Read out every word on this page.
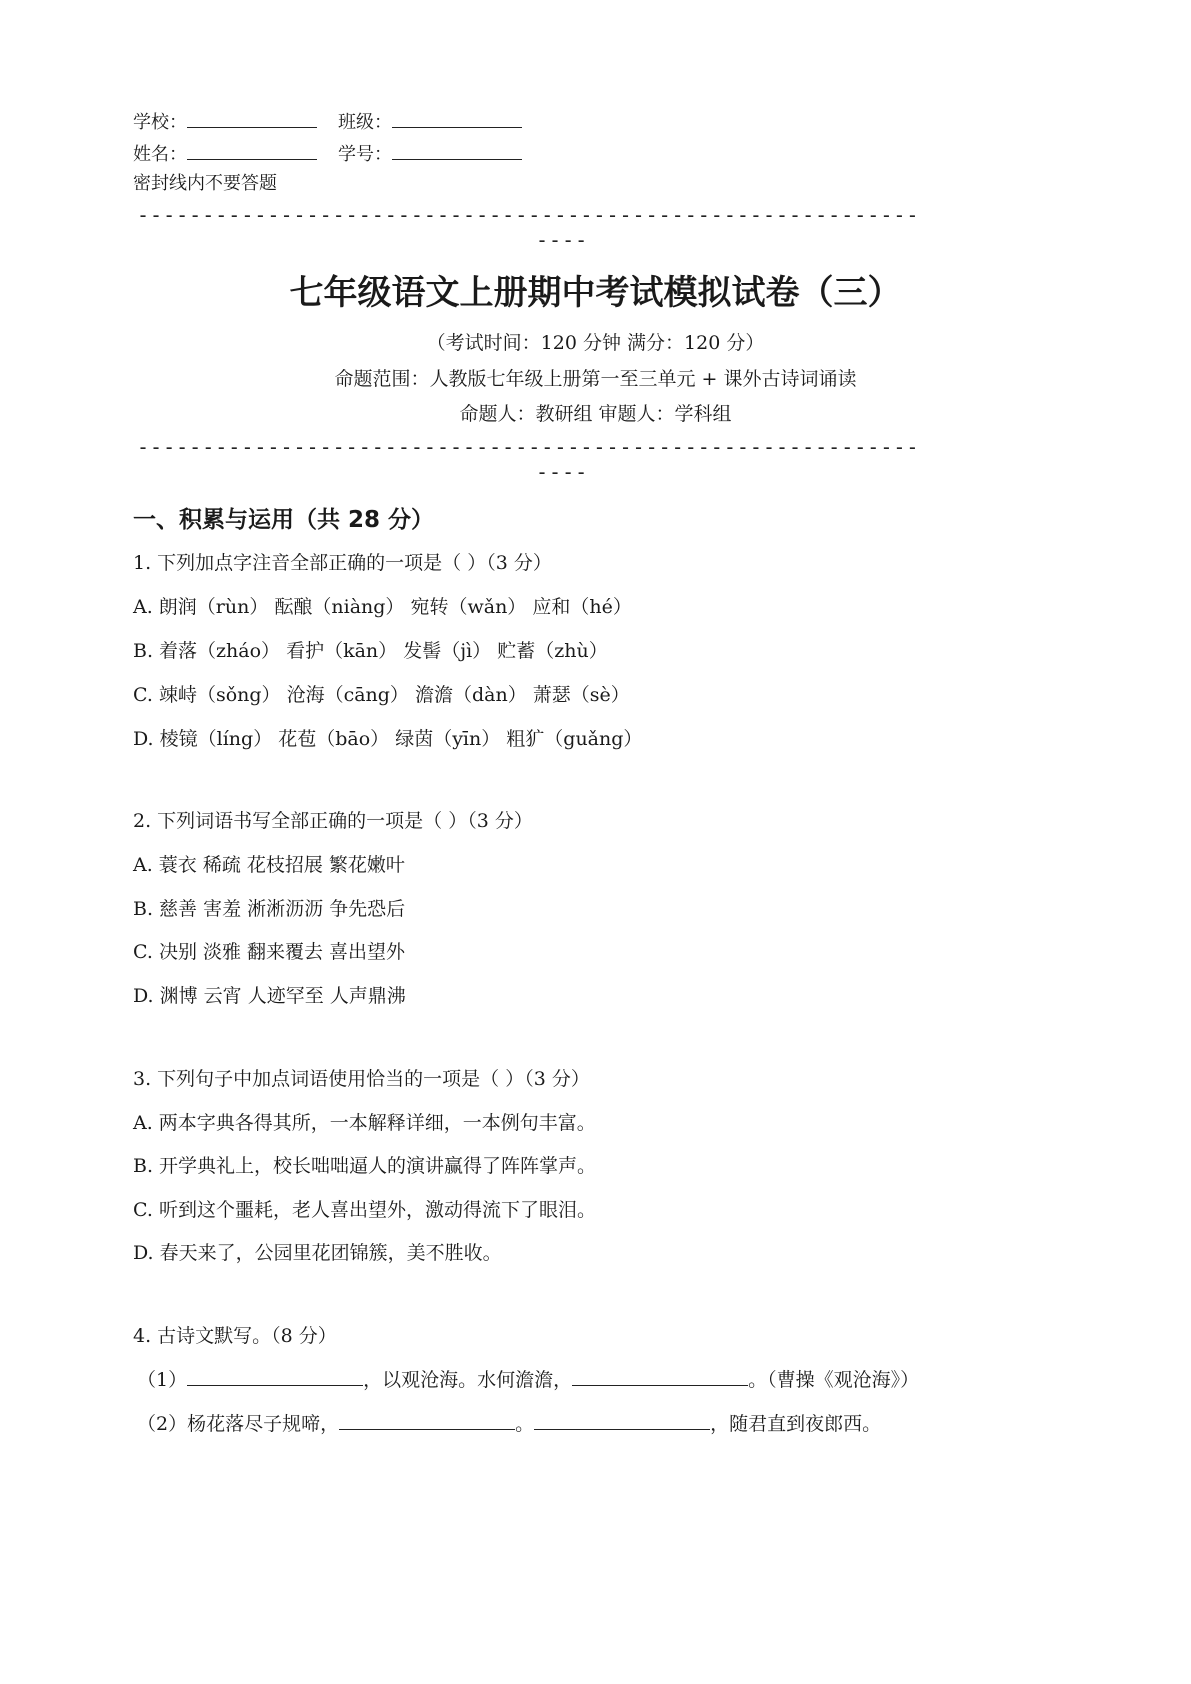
学校：	班级：
姓名：	学号：
密封线内不要答题
------------------------------------------------------------
----
七年级语文上册期中考试模拟试卷（三）
（考试时间：120 分钟 满分：120 分）
命题范围：人教版七年级上册第一至三单元 + 课外古诗词诵读
命题人：教研组 审题人：学科组
------------------------------------------------------------
----
一、积累与运用（共 28 分）
1. 下列加点字注音全部正确的一项是（ ）（3 分）
A. 朗润（rùn） 酝酿（niàng） 宛转（wǎn） 应和（hé）
B. 着落（zháo） 看护（kān） 发髻（jì） 贮蓄（zhù）
C. 竦峙（sǒng） 沧海（cāng） 澹澹（dàn） 萧瑟（sè）
D. 棱镜（líng） 花苞（bāo） 绿茵（yīn） 粗犷（guǎng）
2. 下列词语书写全部正确的一项是（ ）（3 分）
A. 蓑衣 稀疏 花枝招展 繁花嫩叶
B. 慈善 害羞 淅淅沥沥 争先恐后
C. 决别 淡雅 翻来覆去 喜出望外
D. 渊博 云宵 人迹罕至 人声鼎沸
3. 下列句子中加点词语使用恰当的一项是（ ）（3 分）
A. 两本字典各得其所，一本解释详细，一本例句丰富。
B. 开学典礼上，校长咄咄逼人的演讲赢得了阵阵掌声。
C. 听到这个噩耗，老人喜出望外，激动得流下了眼泪。
D. 春天来了，公园里花团锦簇，美不胜收。
4. 古诗文默写。（8 分）
（1）	，以观沧海。水何澹澹，	。（曹操《观沧海》）
（2）杨花落尽子规啼，	。	，随君直到夜郎西。
